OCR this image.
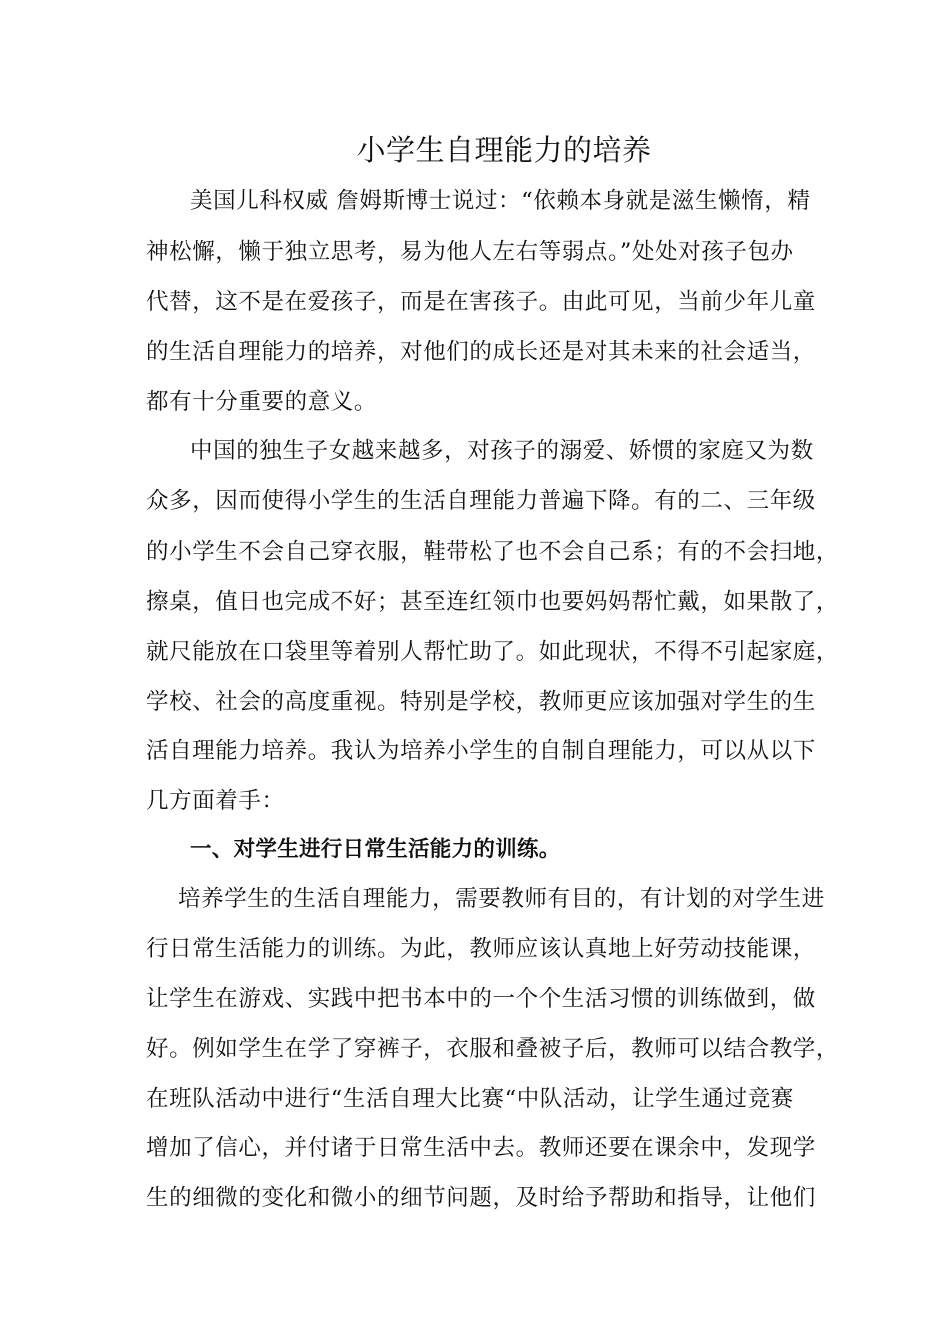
小学生自理能力的培养
美国儿科权威 詹姆斯博士说过：“依赖本身就是滋生懒惰，精
神松懈，懒于独立思考，易为他人左右等弱点。”处处对孩子包办
代替，这不是在爱孩子，而是在害孩子。由此可见，当前少年儿童
的生活自理能力的培养，对他们的成长还是对其未来的社会适当，
都有十分重要的意义。
中国的独生子女越来越多，对孩子的溺爱、娇惯的家庭又为数
众多，因而使得小学生的生活自理能力普遍下降。有的二、三年级
的小学生不会自己穿衣服，鞋带松了也不会自己系；有的不会扫地，
擦桌，值日也完成不好；甚至连红领巾也要妈妈帮忙戴，如果散了，
就尺能放在口袋里等着别人帮忙助了。如此现状，不得不引起家庭，
学校、社会的高度重视。特别是学校，教师更应该加强对学生的生
活自理能力培养。我认为培养小学生的自制自理能力，可以从以下
几方面着手：
一、对学生进行日常生活能力的训练。
培养学生的生活自理能力，需要教师有目的，有计划的对学生进
行日常生活能力的训练。为此，教师应该认真地上好劳动技能课，
让学生在游戏、实践中把书本中的一个个生活习惯的训练做到，做
好。例如学生在学了穿裤子，衣服和叠被子后，教师可以结合教学，
在班队活动中进行“生活自理大比赛“中队活动，让学生通过竞赛
增加了信心，并付诸于日常生活中去。教师还要在课余中，发现学
生的细微的变化和微小的细节问题，及时给予帮助和指导，让他们
